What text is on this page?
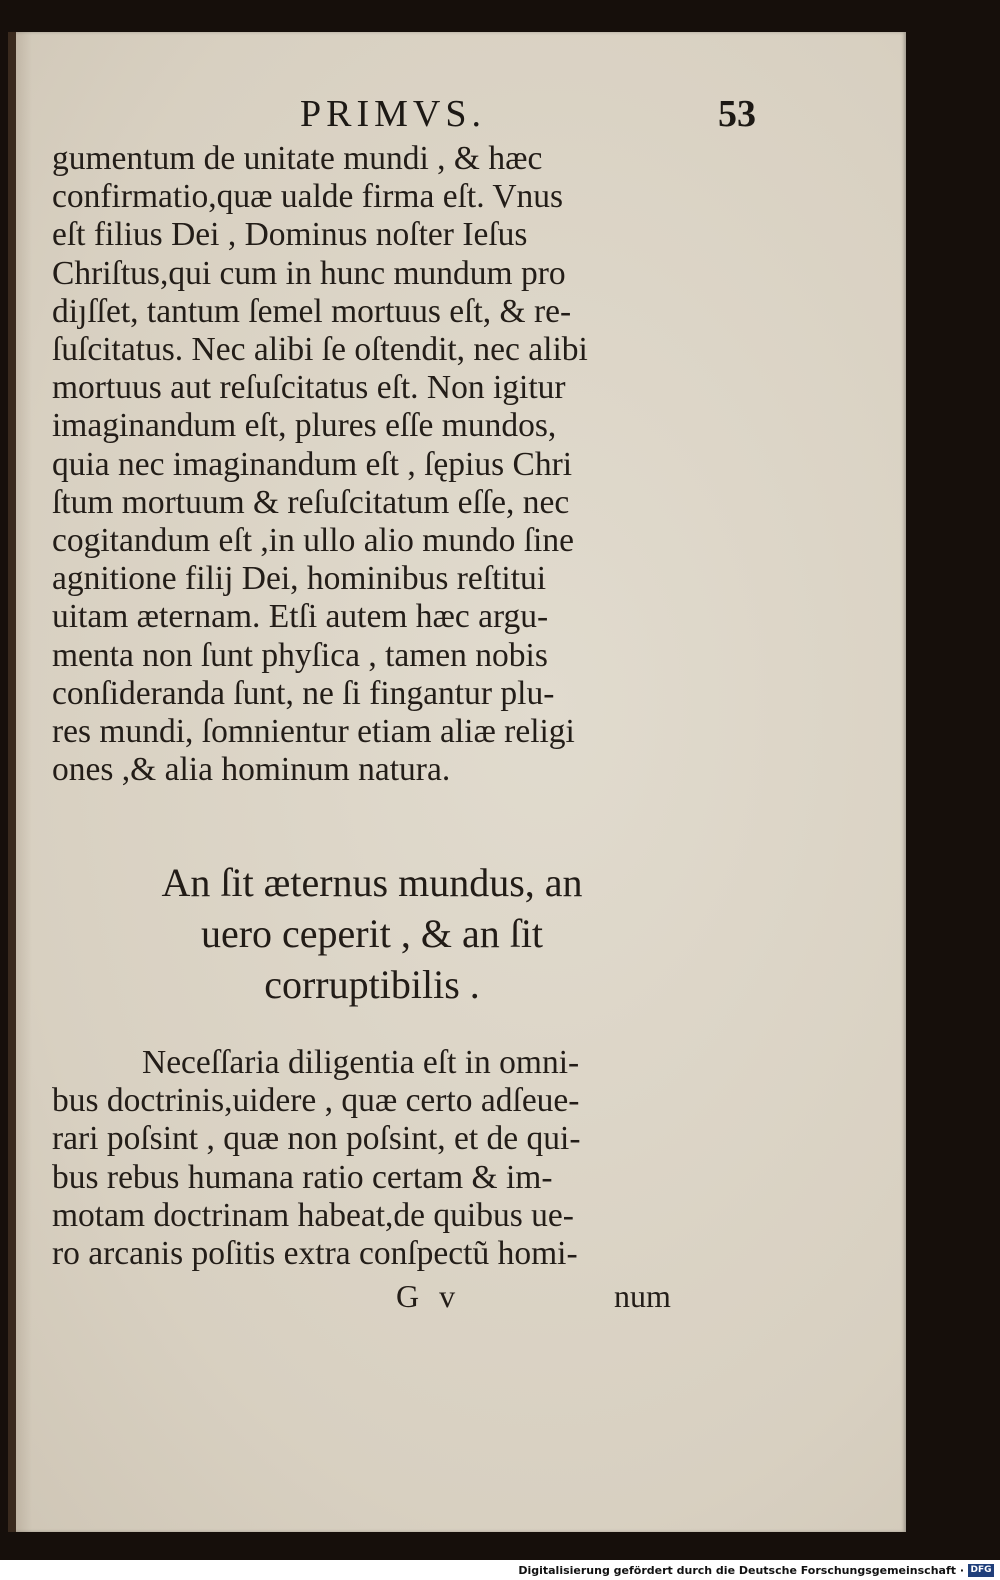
PRIMVS.	53
gumentum de unitate mundi , & hæc
confirmatio,quæ ualde firma eſt. Vnus
eſt filius Dei , Dominus noſter Ieſus
Chriſtus,qui cum in hunc mundum pro
diȷſſet, tantum ſemel mortuus eſt, & re-
ſuſcitatus. Nec alibi ſe oſtendit, nec alibi
mortuus aut reſuſcitatus eſt. Non igitur
imaginandum eſt, plures eſſe mundos,
quia nec imaginandum eſt , ſępius Chri
ſtum mortuum & reſuſcitatum eſſe, nec
cogitandum eſt ,in ullo alio mundo ſine
agnitione filij Dei, hominibus reſtitui
uitam æternam. Etſi autem hæc argu-
menta non ſunt phyſica , tamen nobis
conſideranda ſunt, ne ſi fingantur plu-
res mundi, ſomnientur etiam aliæ religi
ones ,& alia hominum natura.
An ſit æternus mundus, an
uero ceperit , & an ſit
corruptibilis .
Neceſſaria diligentia eſt in omni-
bus doctrinis,uidere , quæ certo adſeue-
rari poſsint , quæ non poſsint, et de qui-
bus rebus humana ratio certam & im-
motam doctrinam habeat,de quibus ue-
ro arcanis poſitis extra conſpectũ homi-
G v	num
Digitalisierung gefördert durch die Deutsche Forschungsgemeinschaft · DFG
